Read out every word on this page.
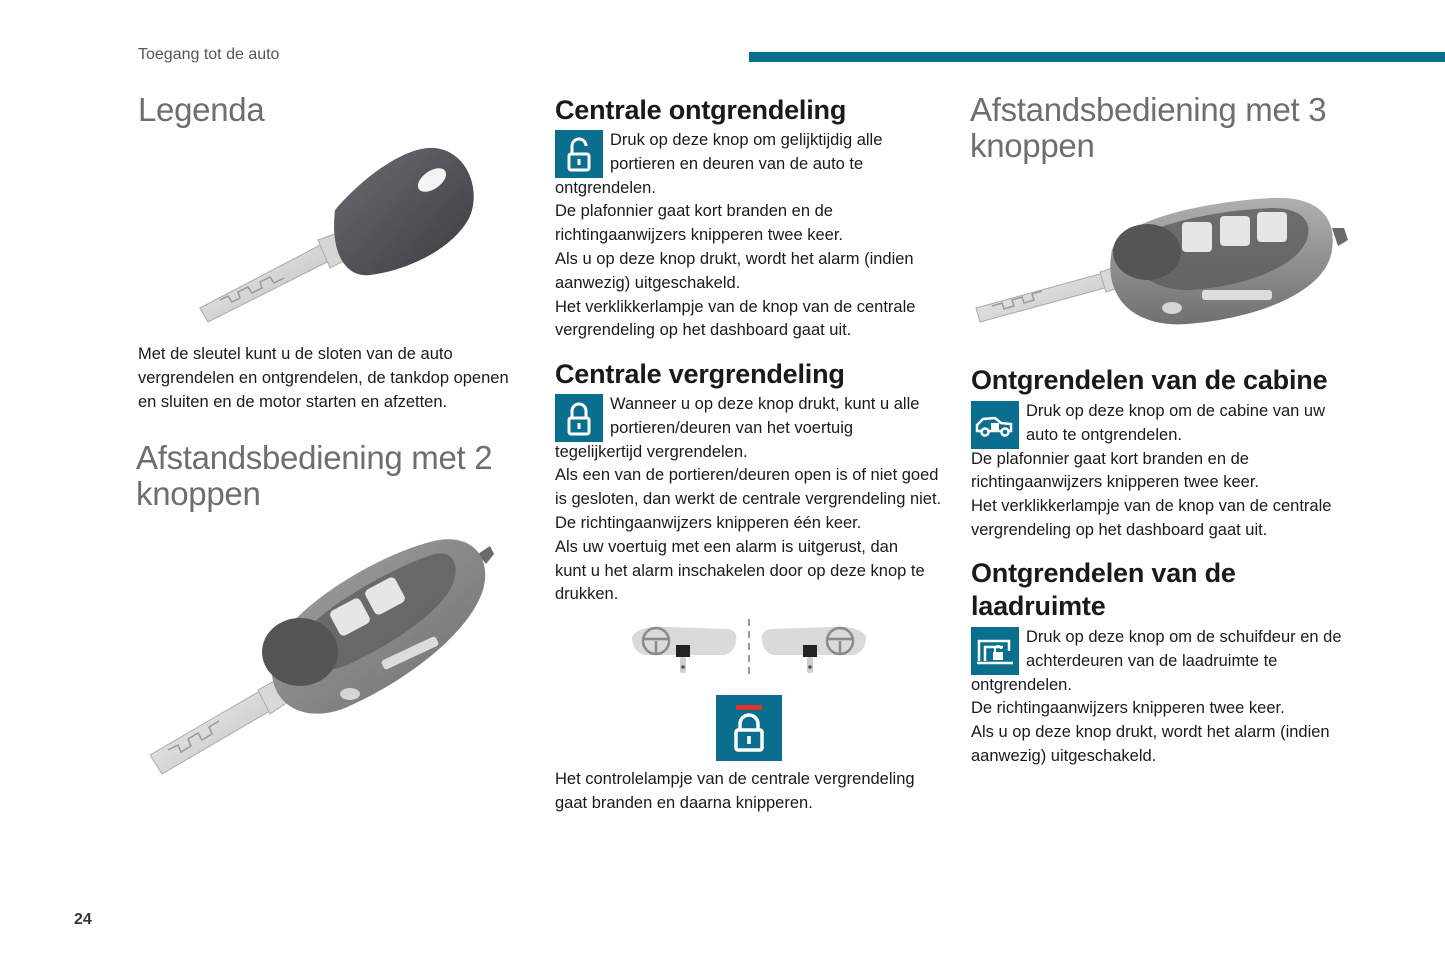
Toegang tot de auto
Legenda
Met de sleutel kunt u de sloten van de auto
vergrendelen en ontgrendelen, de tankdop openen
en sluiten en de motor starten en afzetten.
Afstandsbediening met 2
knoppen
Centrale ontgrendeling
Druk op deze knop om gelijktijdig alle
portieren en deuren van de auto te
ontgrendelen.
De plafonnier gaat kort branden en de
richtingaanwijzers knipperen twee keer.
Als u op deze knop drukt, wordt het alarm (indien
aanwezig) uitgeschakeld.
Het verklikkerlampje van de knop van de centrale
vergrendeling op het dashboard gaat uit.
Centrale vergrendeling
Wanneer u op deze knop drukt, kunt u alle
portieren/deuren van het voertuig
tegelijkertijd vergrendelen.
Als een van de portieren/deuren open is of niet goed
is gesloten, dan werkt de centrale vergrendeling niet.
De richtingaanwijzers knipperen één keer.
Als uw voertuig met een alarm is uitgerust, dan
kunt u het alarm inschakelen door op deze knop te
drukken.
Het controlelampje van de centrale vergrendeling
gaat branden en daarna knipperen.
Afstandsbediening met 3
knoppen
Ontgrendelen van de cabine
Druk op deze knop om de cabine van uw
auto te ontgrendelen.
De plafonnier gaat kort branden en de
richtingaanwijzers knipperen twee keer.
Het verklikkerlampje van de knop van de centrale
vergrendeling op het dashboard gaat uit.
Ontgrendelen van de
laadruimte
Druk op deze knop om de schuifdeur en de
achterdeuren van de laadruimte te
ontgrendelen.
De richtingaanwijzers knipperen twee keer.
Als u op deze knop drukt, wordt het alarm (indien
aanwezig) uitgeschakeld.
24
